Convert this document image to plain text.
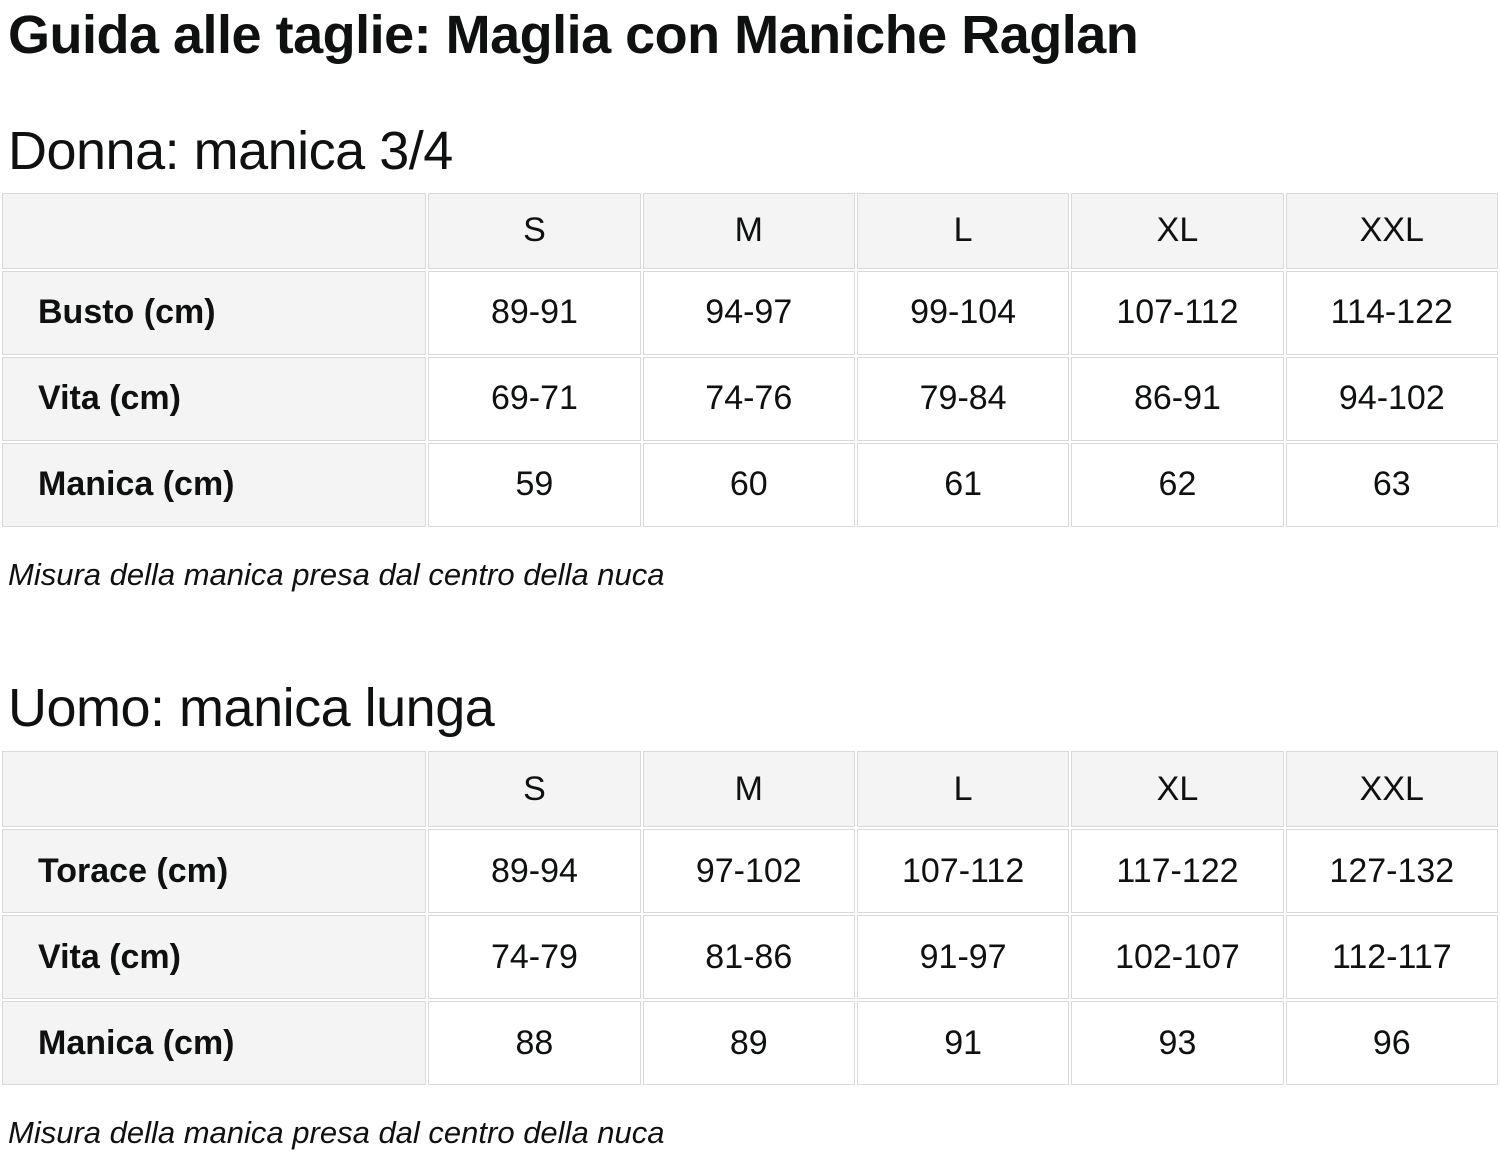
Guida alle taglie: Maglia con Maniche Raglan
Donna: manica 3/4
	S	M	L	XL	XXL
Busto (cm)	89-91	94-97	99-104	107-112	114-122
Vita (cm)	69-71	74-76	79-84	86-91	94-102
Manica (cm)	59	60	61	62	63

Misura della manica presa dal centro della nuca

Uomo: manica lunga
	S	M	L	XL	XXL
Torace (cm)	89-94	97-102	107-112	117-122	127-132
Vita (cm)	74-79	81-86	91-97	102-107	112-117
Manica (cm)	88	89	91	93	96

Misura della manica presa dal centro della nuca
